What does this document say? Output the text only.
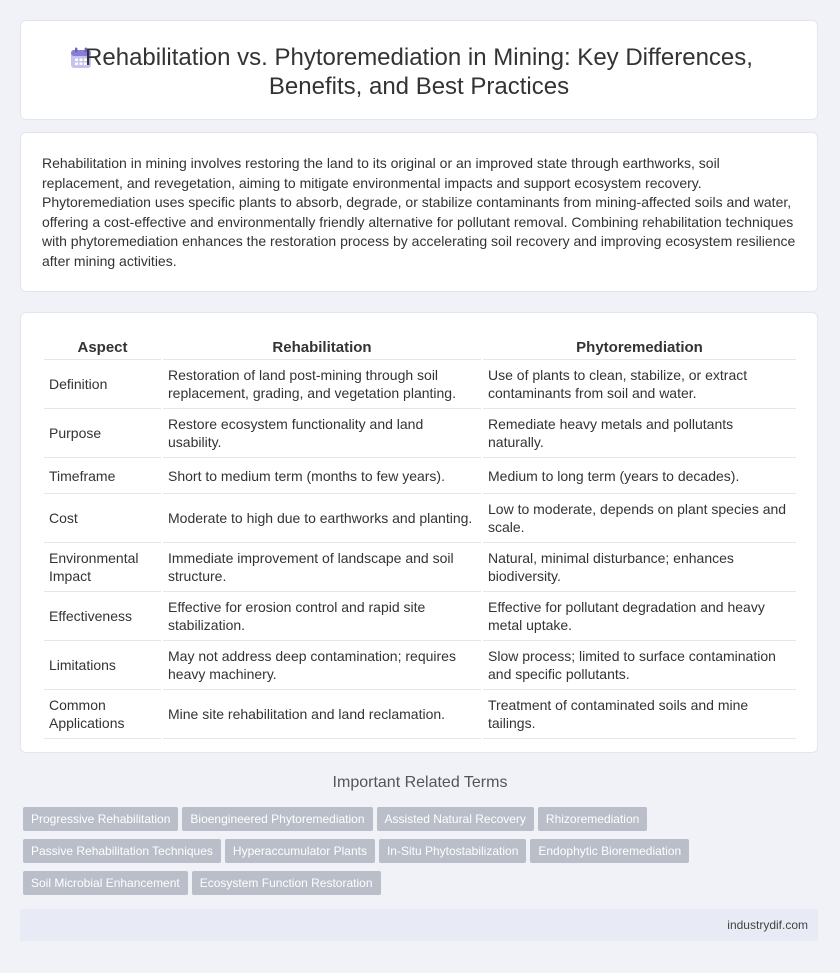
Rehabilitation vs. Phytoremediation in Mining: Key Differences, Benefits, and Best Practices

Rehabilitation in mining involves restoring the land to its original or an improved state through earthworks, soil replacement, and revegetation, aiming to mitigate environmental impacts and support ecosystem recovery. Phytoremediation uses specific plants to absorb, degrade, or stabilize contaminants from mining-affected soils and water, offering a cost-effective and environmentally friendly alternative for pollutant removal. Combining rehabilitation techniques with phytoremediation enhances the restoration process by accelerating soil recovery and improving ecosystem resilience after mining activities.

Aspect	Rehabilitation	Phytoremediation
Definition	Restoration of land post-mining through soil replacement, grading, and vegetation planting.	Use of plants to clean, stabilize, or extract contaminants from soil and water.
Purpose	Restore ecosystem functionality and land usability.	Remediate heavy metals and pollutants naturally.
Timeframe	Short to medium term (months to few years).	Medium to long term (years to decades).
Cost	Moderate to high due to earthworks and planting.	Low to moderate, depends on plant species and scale.
Environmental Impact	Immediate improvement of landscape and soil structure.	Natural, minimal disturbance; enhances biodiversity.
Effectiveness	Effective for erosion control and rapid site stabilization.	Effective for pollutant degradation and heavy metal uptake.
Limitations	May not address deep contamination; requires heavy machinery.	Slow process; limited to surface contamination and specific pollutants.
Common Applications	Mine site rehabilitation and land reclamation.	Treatment of contaminated soils and mine tailings.
Important Related Terms
Progressive Rehabilitation Bioengineered Phytoremediation Assisted Natural Recovery RhizoremediationPassive Rehabilitation Techniques Hyperaccumulator Plants In-Situ Phytostabilization Endophytic BioremediationSoil Microbial Enhancement Ecosystem Function Restoration
industrydif.com
